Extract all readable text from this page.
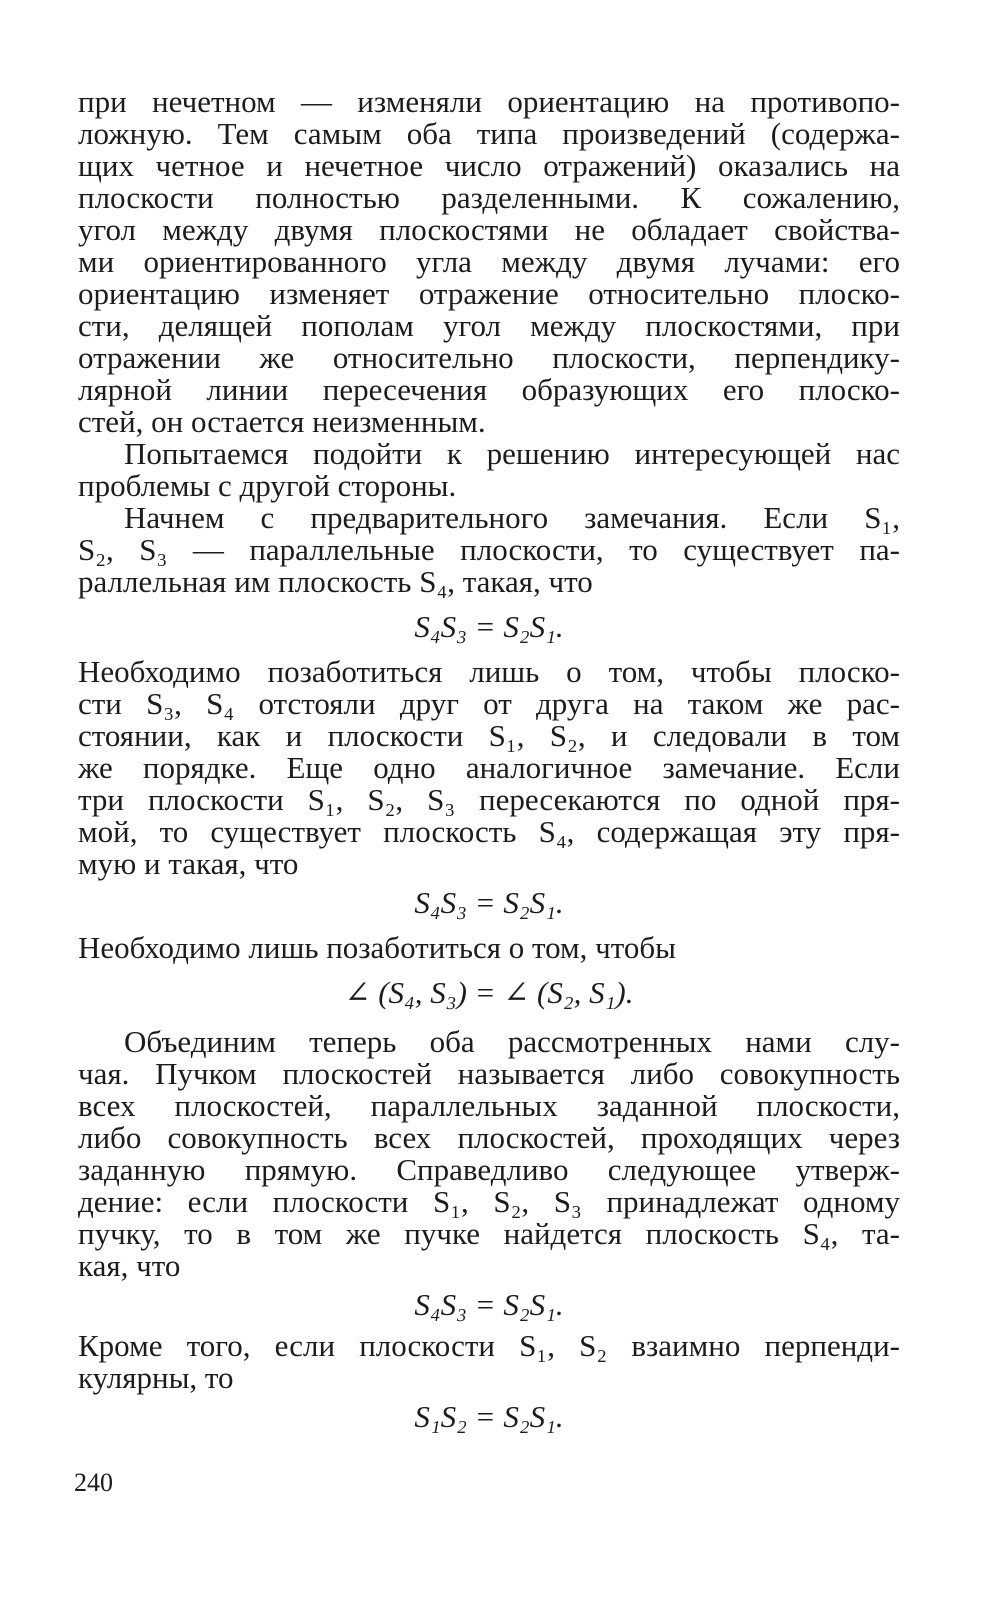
при нечетном — изменяли ориентацию на противопо-
ложную. Тем самым оба типа произведений (содержа-
щих четное и нечетное число отражений) оказались на
плоскости полностью разделенными. К сожалению,
угол между двумя плоскостями не обладает свойства-
ми ориентированного угла между двумя лучами: его
ориентацию изменяет отражение относительно плоско-
сти, делящей пополам угол между плоскостями, при
отражении же относительно плоскости, перпендику-
лярной линии пересечения образующих его плоско-
стей, он остается неизменным.
Попытаемся подойти к решению интересующей нас
проблемы с другой стороны.
Начнем с предварительного замечания. Если S₁,
S₂, S₃ — параллельные плоскости, то существует па-
раллельная им плоскость S₄, такая, что
S₄S₃ = S₂S₁.
Необходимо позаботиться лишь о том, чтобы плоско-
сти S₃, S₄ отстояли друг от друга на таком же рас-
стоянии, как и плоскости S₁, S₂, и следовали в том
же порядке. Еще одно аналогичное замечание. Если
три плоскости S₁, S₂, S₃ пересекаются по одной пря-
мой, то существует плоскость S₄, содержащая эту пря-
мую и такая, что
S₄S₃ = S₂S₁.
Необходимо лишь позаботиться о том, чтобы
∠ (S₄, S₃) = ∠ (S₂, S₁).
Объединим теперь оба рассмотренных нами слу-
чая. Пучком плоскостей называется либо совокупность
всех плоскостей, параллельных заданной плоскости,
либо совокупность всех плоскостей, проходящих через
заданную прямую. Справедливо следующее утверж-
дение: если плоскости S₁, S₂, S₃ принадлежат одному
пучку, то в том же пучке найдется плоскость S₄, та-
кая, что
S₄S₃ = S₂S₁.
Кроме того, если плоскости S₁, S₂ взаимно перпенди-
кулярны, то
S₁S₂ = S₂S₁.
240
